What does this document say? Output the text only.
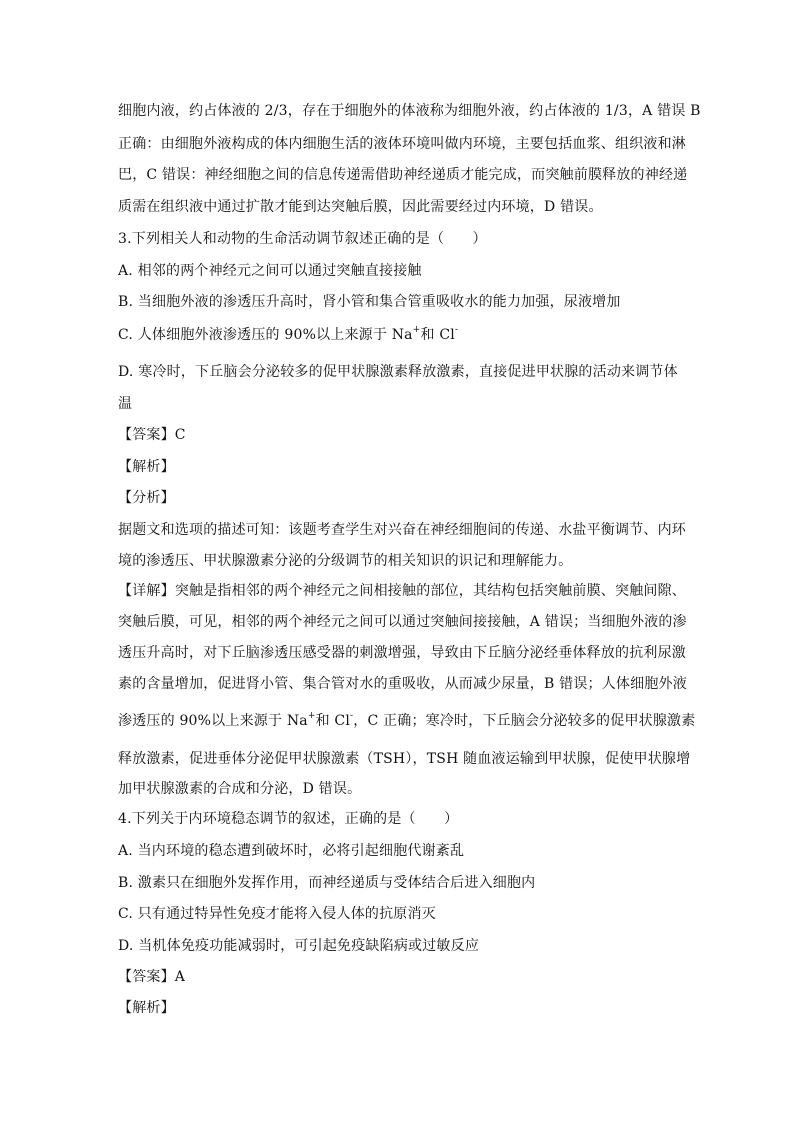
细胞内液，约占体液的 2/3，存在于细胞外的体液称为细胞外液，约占体液的 1/3，A 错误 B
正确：由细胞外液构成的体内细胞生活的液体环境叫做内环境，主要包括血浆、组织液和淋
巴，C 错误：神经细胞之间的信息传递需借助神经递质才能完成，而突触前膜释放的神经递
质需在组织液中通过扩散才能到达突触后膜，因此需要经过内环境，D 错误。
3.下列相关人和动物的生命活动调节叙述正确的是（　　）
A. 相邻的两个神经元之间可以通过突触直接接触
B. 当细胞外液的渗透压升高时，肾小管和集合管重吸收水的能力加强，尿液增加
C. 人体细胞外液渗透压的 90%以上来源于 Na+和 Cl-
D. 寒冷时，下丘脑会分泌较多的促甲状腺激素释放激素，直接促进甲状腺的活动来调节体
温
【答案】C
【解析】
【分析】
据题文和选项的描述可知：该题考查学生对兴奋在神经细胞间的传递、水盐平衡调节、内环
境的渗透压、甲状腺激素分泌的分级调节的相关知识的识记和理解能力。
【详解】突触是指相邻的两个神经元之间相接触的部位，其结构包括突触前膜、突触间隙、
突触后膜，可见，相邻的两个神经元之间可以通过突触间接接触，A 错误；当细胞外液的渗
透压升高时，对下丘脑渗透压感受器的刺激增强，导致由下丘脑分泌经垂体释放的抗利尿激
素的含量增加，促进肾小管、集合管对水的重吸收，从而减少尿量，B 错误；人体细胞外液
渗透压的 90%以上来源于 Na+和 Cl-，C 正确；寒冷时，下丘脑会分泌较多的促甲状腺激素
释放激素，促进垂体分泌促甲状腺激素（TSH），TSH 随血液运输到甲状腺，促使甲状腺增
加甲状腺激素的合成和分泌，D 错误。
4.下列关于内环境稳态调节的叙述，正确的是（　　）
A. 当内环境的稳态遭到破坏时，必将引起细胞代谢紊乱
B. 激素只在细胞外发挥作用，而神经递质与受体结合后进入细胞内
C. 只有通过特异性免疫才能将入侵人体的抗原消灭
D. 当机体免疫功能减弱时，可引起免疫缺陷病或过敏反应
【答案】A
【解析】
